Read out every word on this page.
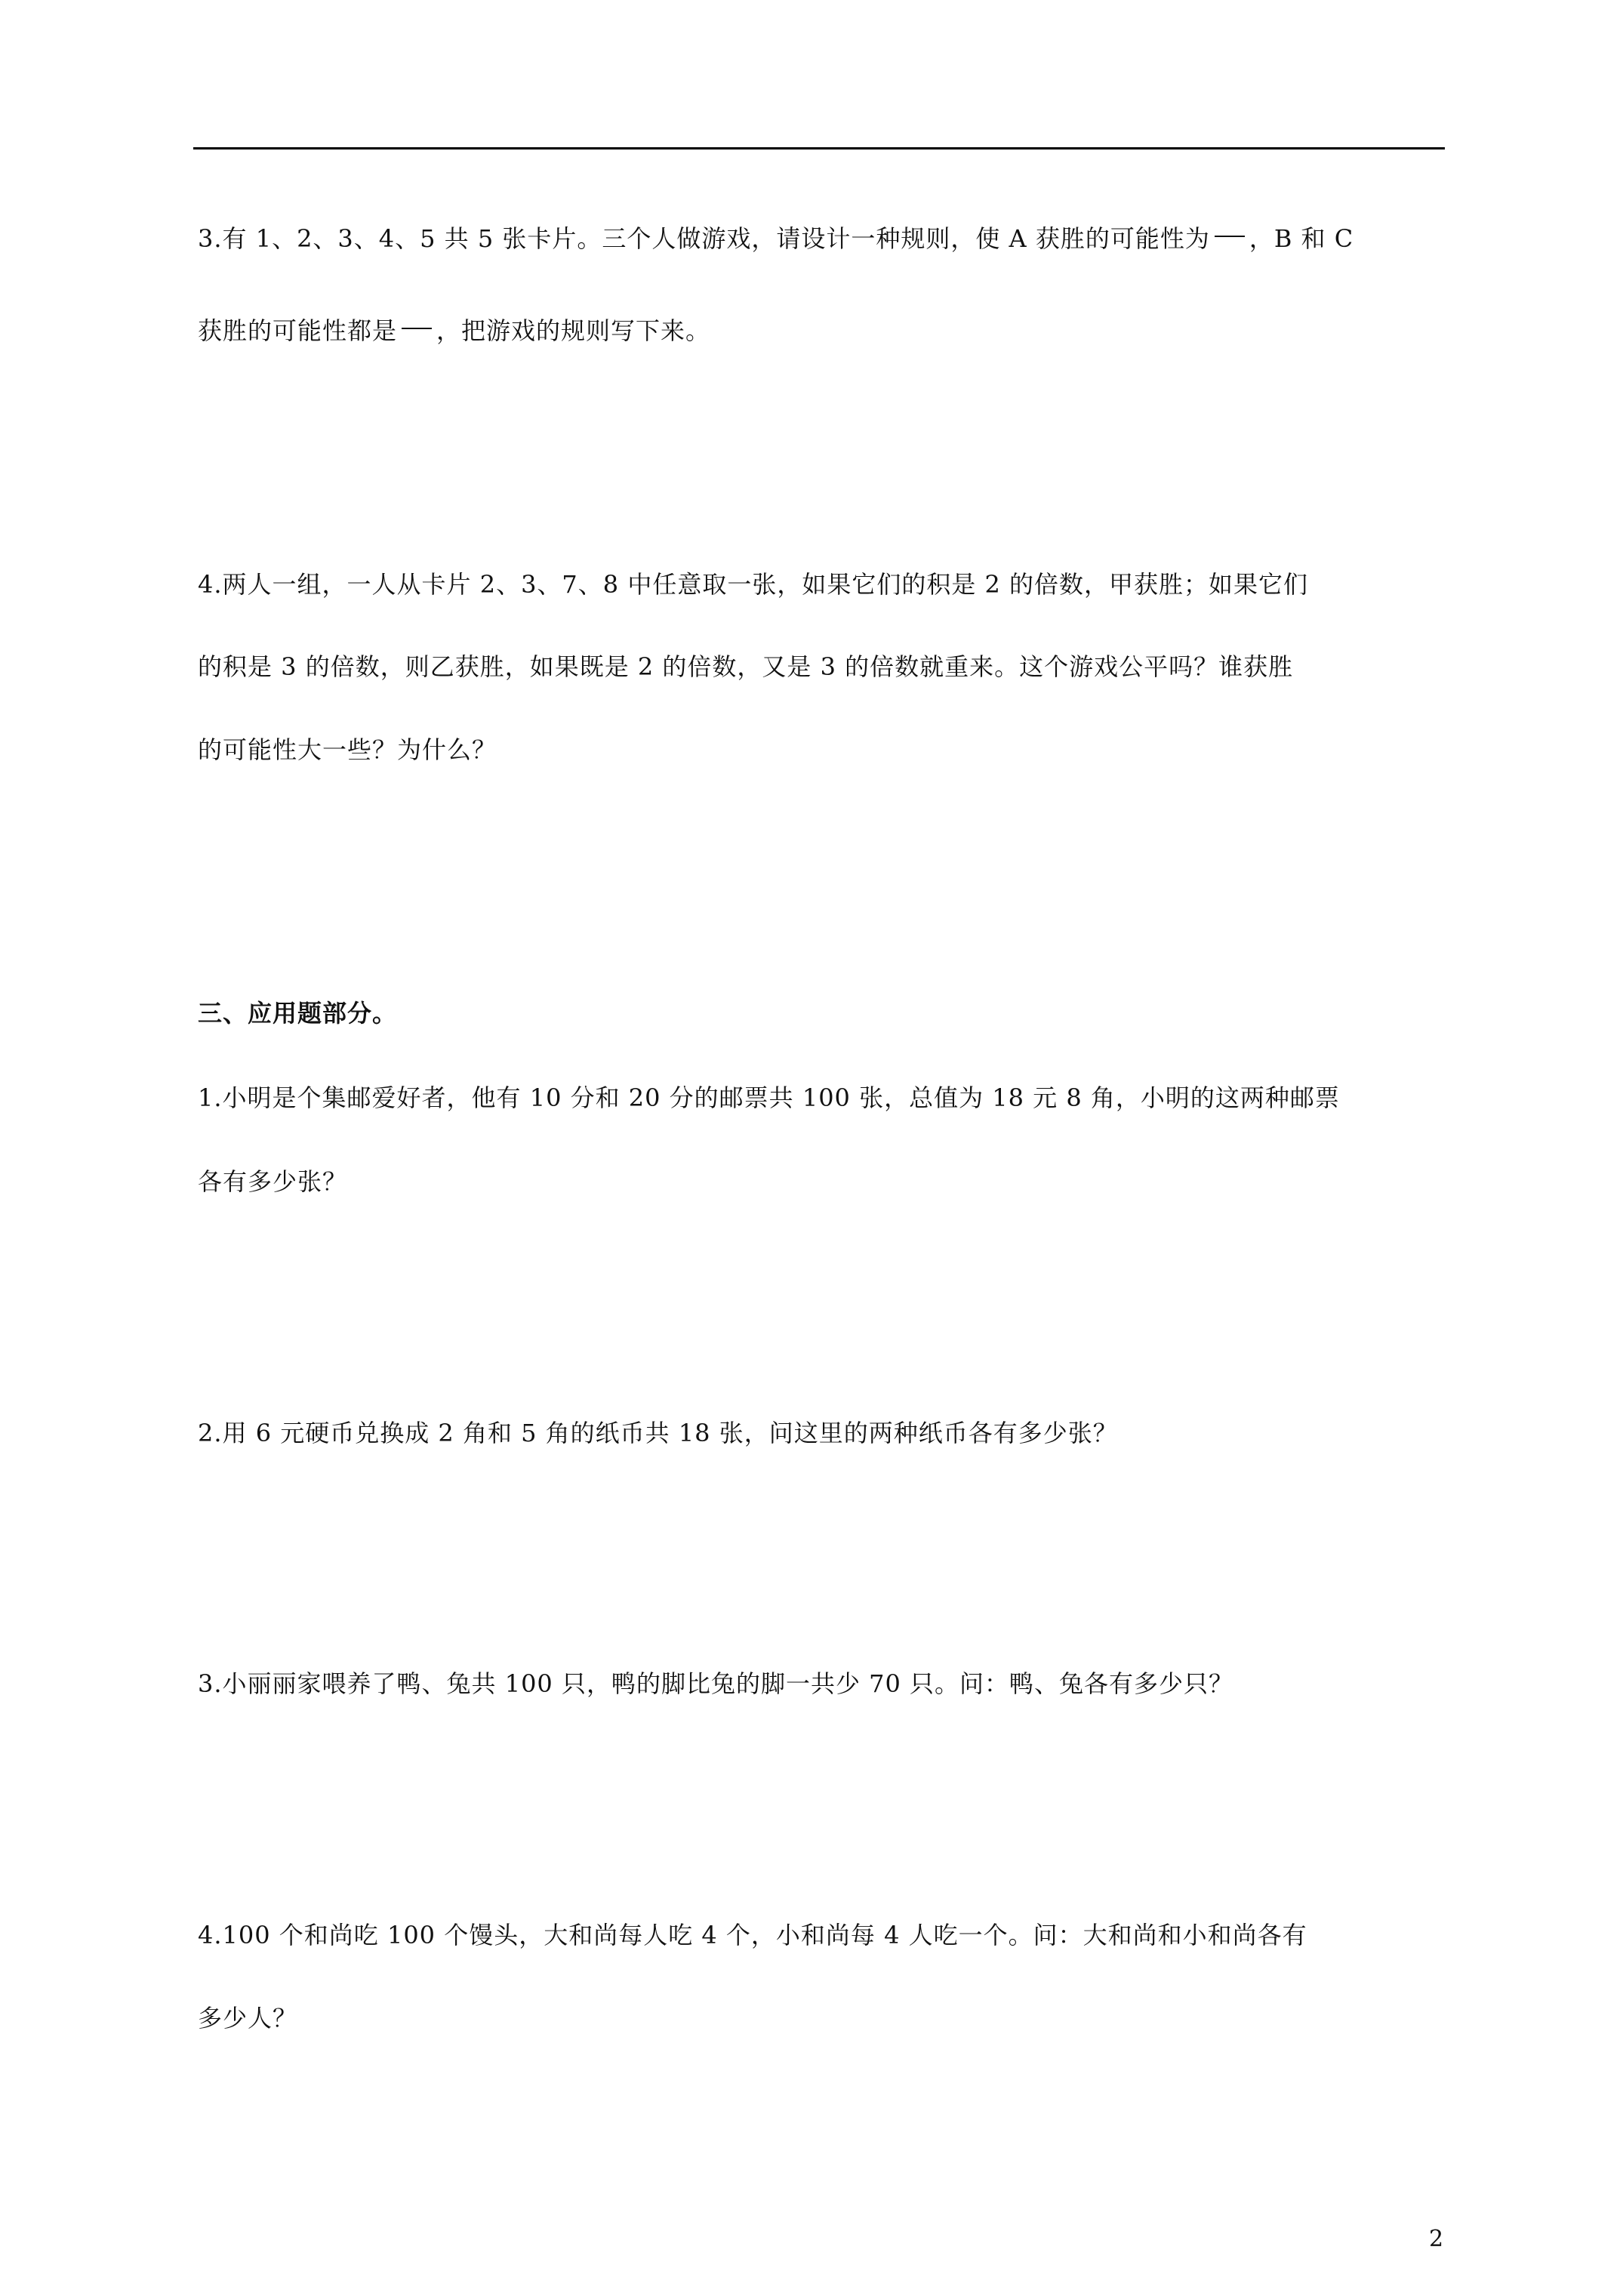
3.有 1、2、3、4、5 共 5 张卡片。三个人做游戏，请设计一种规则，使 A 获胜的可能性为 ，B 和 C
获胜的可能性都是 ，把游戏的规则写下来。
4.两人一组，一人从卡片 2、3、7、8 中任意取一张，如果它们的积是 2 的倍数，甲获胜；如果它们
的积是 3 的倍数，则乙获胜，如果既是 2 的倍数，又是 3 的倍数就重来。这个游戏公平吗？谁获胜
的可能性大一些？为什么？
三、应用题部分。
1.小明是个集邮爱好者，他有 10 分和 20 分的邮票共 100 张，总值为 18 元 8 角，小明的这两种邮票
各有多少张？
2.用 6 元硬币兑换成 2 角和 5 角的纸币共 18 张，问这里的两种纸币各有多少张？
3.小丽丽家喂养了鸭、兔共 100 只，鸭的脚比兔的脚一共少 70 只。问：鸭、兔各有多少只？
4.100 个和尚吃 100 个馒头，大和尚每人吃 4 个，小和尚每 4 人吃一个。问：大和尚和小和尚各有
多少人？
2
